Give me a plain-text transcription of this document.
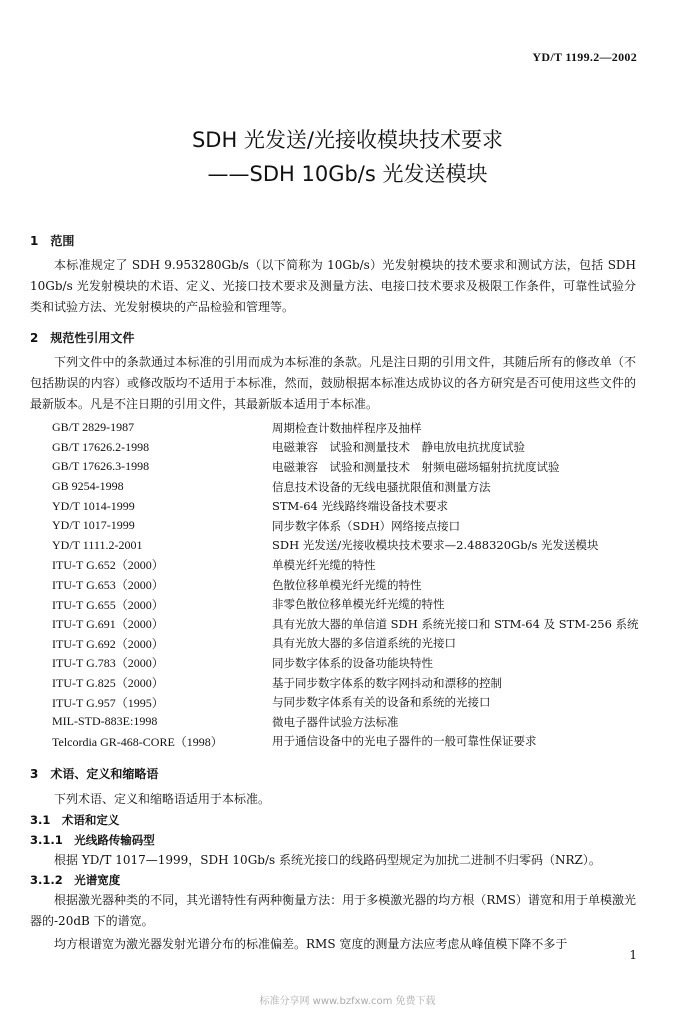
YD/T 1199.2—2002
SDH 光发送/光接收模块技术要求
——SDH 10Gb/s 光发送模块
1　范围
本标准规定了 SDH 9.953280Gb/s（以下简称为 10Gb/s）光发射模块的技术要求和测试方法，包括 SDH 10Gb/s 光发射模块的术语、定义、光接口技术要求及测量方法、电接口技术要求及极限工作条件，可靠性试验分类和试验方法、光发射模块的产品检验和管理等。
2　规范性引用文件
下列文件中的条款通过本标准的引用而成为本标准的条款。凡是注日期的引用文件，其随后所有的修改单（不包括勘误的内容）或修改版均不适用于本标准，然而，鼓励根据本标准达成协议的各方研究是否可使用这些文件的最新版本。凡是不注日期的引用文件，其最新版本适用于本标准。
GB/T 2829-1987	周期检查计数抽样程序及抽样
GB/T 17626.2-1998	电磁兼容　试验和测量技术　静电放电抗扰度试验
GB/T 17626.3-1998	电磁兼容　试验和测量技术　射频电磁场辐射抗扰度试验
GB 9254-1998	信息技术设备的无线电骚扰限值和测量方法
YD/T 1014-1999	STM-64 光线路终端设备技术要求
YD/T 1017-1999	同步数字体系（SDH）网络接点接口
YD/T 1111.2-2001	SDH 光发送/光接收模块技术要求—2.488320Gb/s 光发送模块
ITU-T G.652（2000）	单模光纤光缆的特性
ITU-T G.653（2000）	色散位移单模光纤光缆的特性
ITU-T G.655（2000）	非零色散位移单模光纤光缆的特性
ITU-T G.691（2000）	具有光放大器的单信道 SDH 系统光接口和 STM-64 及 STM-256 系统
ITU-T G.692（2000）	具有光放大器的多信道系统的光接口
ITU-T G.783（2000）	同步数字体系的设备功能块特性
ITU-T G.825（2000）	基于同步数字体系的数字网抖动和漂移的控制
ITU-T G.957（1995）	与同步数字体系有关的设备和系统的光接口
MIL-STD-883E:1998	微电子器件试验方法标准
Telcordia GR-468-CORE（1998）	用于通信设备中的光电子器件的一般可靠性保证要求
3　术语、定义和缩略语
下列术语、定义和缩略语适用于本标准。
3.1　术语和定义
3.1.1　光线路传输码型
根据 YD/T 1017—1999，SDH 10Gb/s 系统光接口的线路码型规定为加扰二进制不归零码（NRZ）。
3.1.2　光谱宽度
根据激光器种类的不同，其光谱特性有两种衡量方法：用于多模激光器的均方根（RMS）谱宽和用于单模激光器的-20dB 下的谱宽。
均方根谱宽为激光器发射光谱分布的标准偏差。RMS 宽度的测量方法应考虑从峰值模下降不多于
1
标准分享网 www.bzfxw.com 免费下载
